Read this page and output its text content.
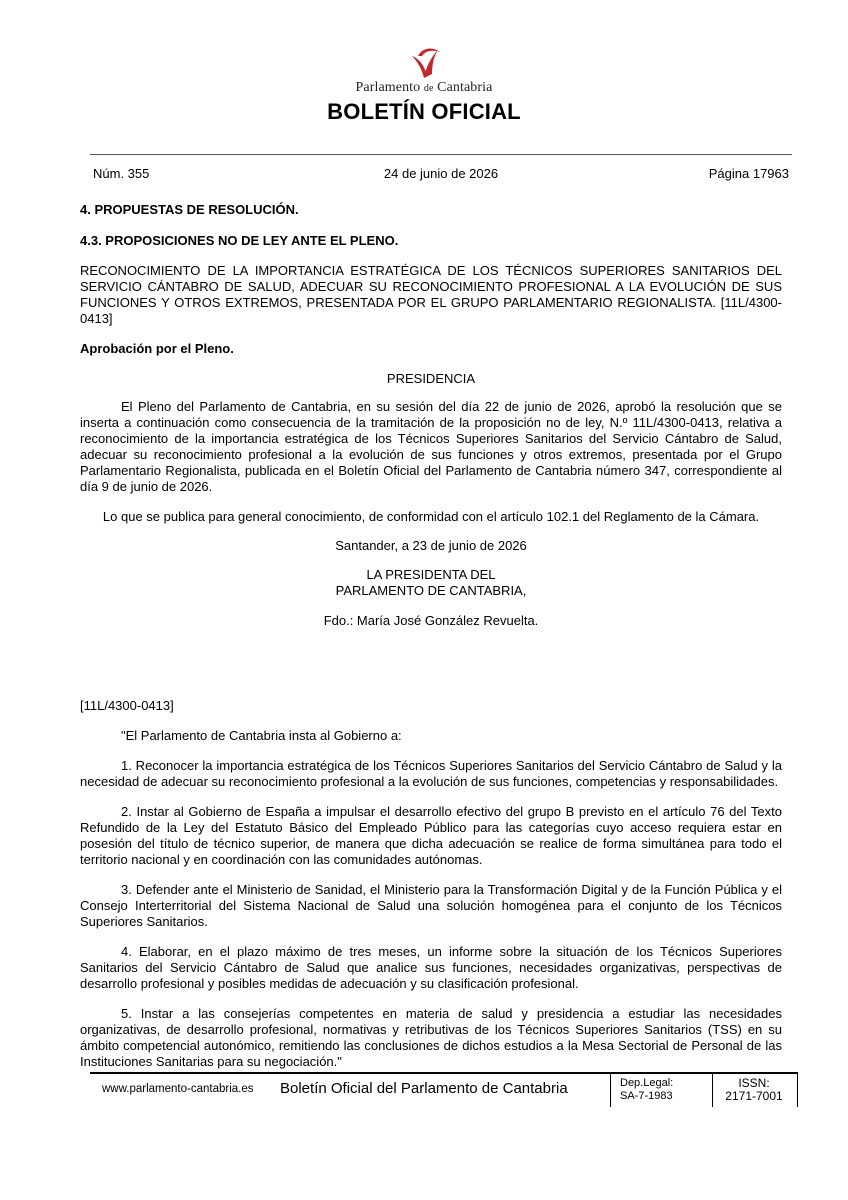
Parlamento de Cantabria
BOLETÍN OFICIAL
Núm. 355	24 de junio de 2026	Página 17963

4. PROPUESTAS DE RESOLUCIÓN.

4.3. PROPOSICIONES NO DE LEY ANTE EL PLENO.

RECONOCIMIENTO DE LA IMPORTANCIA ESTRATÉGICA DE LOS TÉCNICOS SUPERIORES SANITARIOS DEL SERVICIO CÁNTABRO DE SALUD, ADECUAR SU RECONOCIMIENTO PROFESIONAL A LA EVOLUCIÓN DE SUS FUNCIONES Y OTROS EXTREMOS, PRESENTADA POR EL GRUPO PARLAMENTARIO REGIONALISTA. [11L/4300-0413]

Aprobación por el Pleno.

PRESIDENCIA

El Pleno del Parlamento de Cantabria, en su sesión del día 22 de junio de 2026, aprobó la resolución que se inserta a continuación como consecuencia de la tramitación de la proposición no de ley, N.º 11L/4300-0413, relativa a reconocimiento de la importancia estratégica de los Técnicos Superiores Sanitarios del Servicio Cántabro de Salud, adecuar su reconocimiento profesional a la evolución de sus funciones y otros extremos, presentada por el Grupo Parlamentario Regionalista, publicada en el Boletín Oficial del Parlamento de Cantabria número 347, correspondiente al día 9 de junio de 2026.

Lo que se publica para general conocimiento, de conformidad con el artículo 102.1 del Reglamento de la Cámara.

Santander, a 23 de junio de 2026

LA PRESIDENTA DEL

PARLAMENTO DE CANTABRIA,

Fdo.: María José González Revuelta.

[11L/4300-0413]

"El Parlamento de Cantabria insta al Gobierno a:

1. Reconocer la importancia estratégica de los Técnicos Superiores Sanitarios del Servicio Cántabro de Salud y la necesidad de adecuar su reconocimiento profesional a la evolución de sus funciones, competencias y responsabilidades.

2. Instar al Gobierno de España a impulsar el desarrollo efectivo del grupo B previsto en el artículo 76 del Texto Refundido de la Ley del Estatuto Básico del Empleado Público para las categorías cuyo acceso requiera estar en posesión del título de técnico superior, de manera que dicha adecuación se realice de forma simultánea para todo el territorio nacional y en coordinación con las comunidades autónomas.

3. Defender ante el Ministerio de Sanidad, el Ministerio para la Transformación Digital y de la Función Pública y el Consejo Interterritorial del Sistema Nacional de Salud una solución homogénea para el conjunto de los Técnicos Superiores Sanitarios.

4. Elaborar, en el plazo máximo de tres meses, un informe sobre la situación de los Técnicos Superiores Sanitarios del Servicio Cántabro de Salud que analice sus funciones, necesidades organizativas, perspectivas de desarrollo profesional y posibles medidas de adecuación y su clasificación profesional.

5. Instar a las consejerías competentes en materia de salud y presidencia a estudiar las necesidades organizativas, de desarrollo profesional, normativas y retributivas de los Técnicos Superiores Sanitarios (TSS) en su ámbito competencial autonómico, remitiendo las conclusiones de dichos estudios a la Mesa Sectorial de Personal de las Instituciones Sanitarias para su negociación."

www.parlamento-cantabria.es Boletín Oficial del Parlamento de Cantabria	Dep.Legal:
SA-7-1983
ISSN:
2171-7001
